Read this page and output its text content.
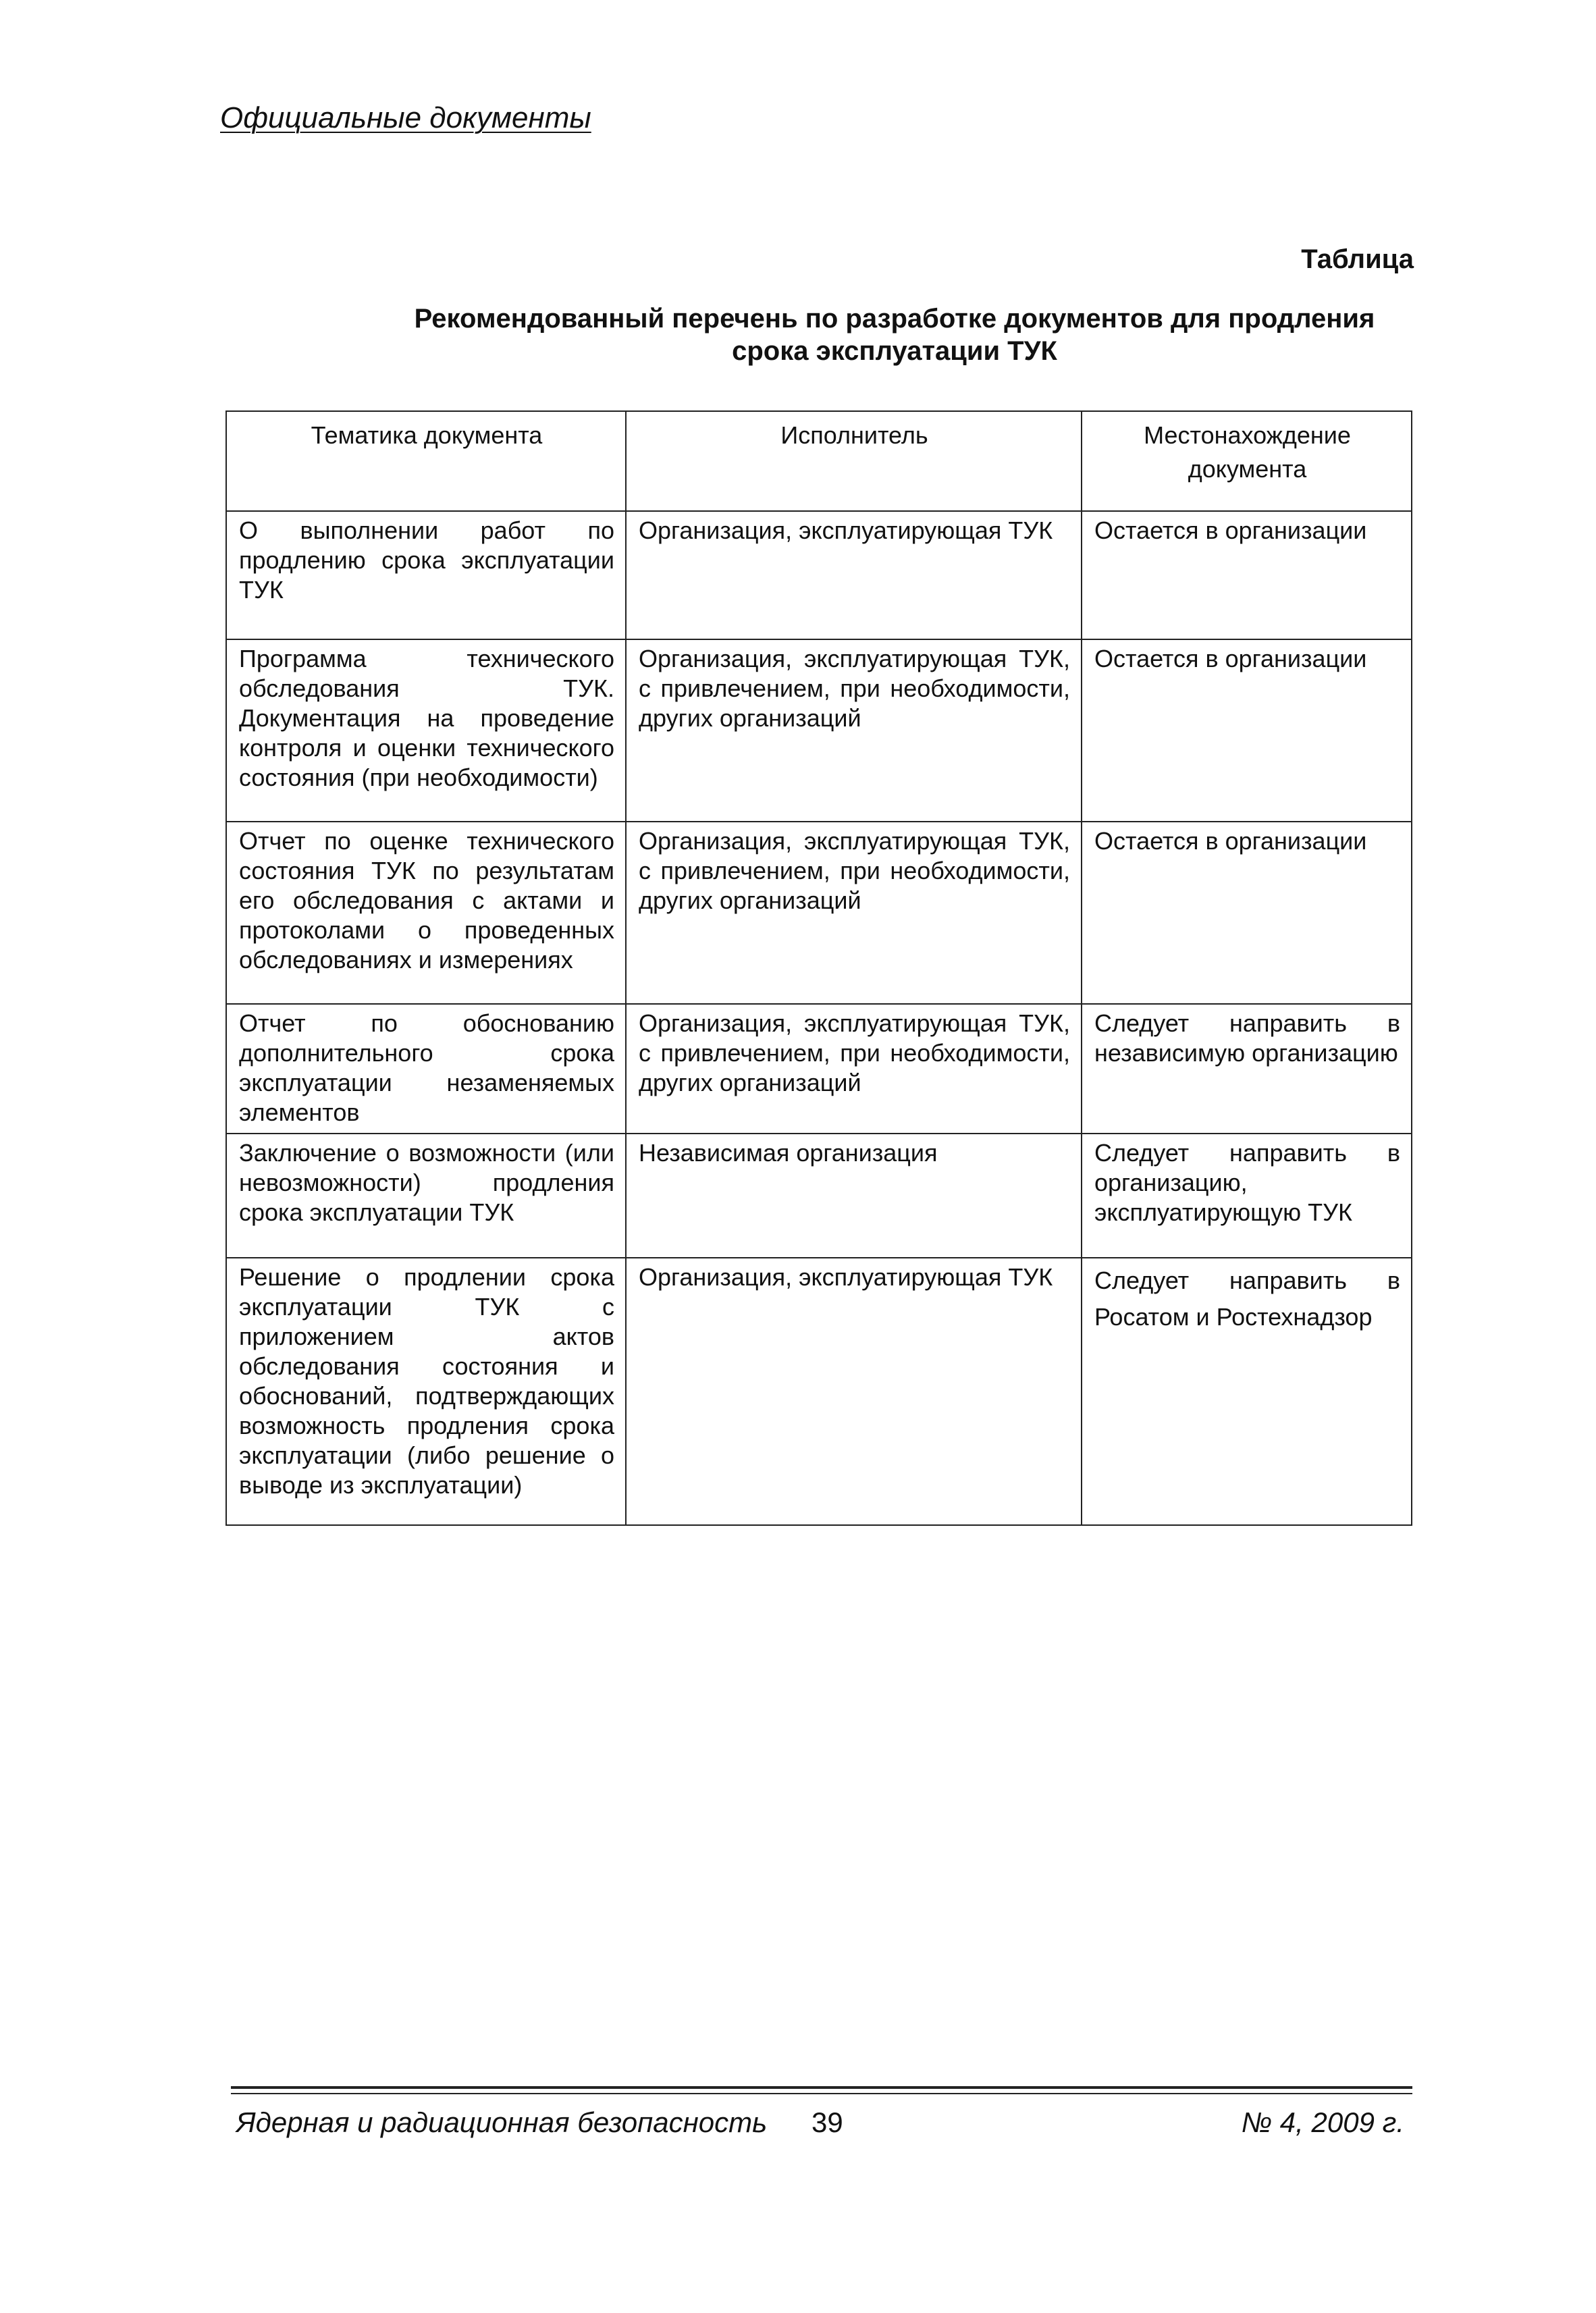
Официальные документы
Таблица
Рекомендованный перечень по разработке документов для продления
срока эксплуатации ТУК
Тематика документа	Исполнитель	Местонахождение документа
О выполнении работ по продлению срока эксплуатации ТУК	Организация, эксплуатирующая ТУК	Остается в организации
Программа технического обследования ТУК. Документация на проведение контроля и оценки технического состояния (при необходимости)	Организация, эксплуатирующая ТУК, с привлечением, при необходимости, других организаций	Остается в организации
Отчет по оценке технического состояния ТУК по результатам его обследования с актами и протоколами о проведенных обследованиях и измерениях	Организация, эксплуатирующая ТУК, с привлечением, при необходимости, других организаций	Остается в организации
Отчет по обоснованию дополнительного срока эксплуатации незаменяемых элементов	Организация, эксплуатирующая ТУК, с привлечением, при необходимости, других организаций	Следует направить в независимую организацию
Заключение о возможности (или невозможности) продления срока эксплуатации ТУК	Независимая организация	Следует направить в организацию, эксплуатирующую ТУК
Решение о продлении срока эксплуатации ТУК с приложением актов обследования состояния и обоснований, подтверждающих возможность продления срока эксплуатации (либо решение о выводе из эксплуатации)	Организация, эксплуатирующая ТУК	Следует направить в Росатом и Ростехнадзор
Ядерная и радиационная безопасность 39	№ 4, 2009 г.
